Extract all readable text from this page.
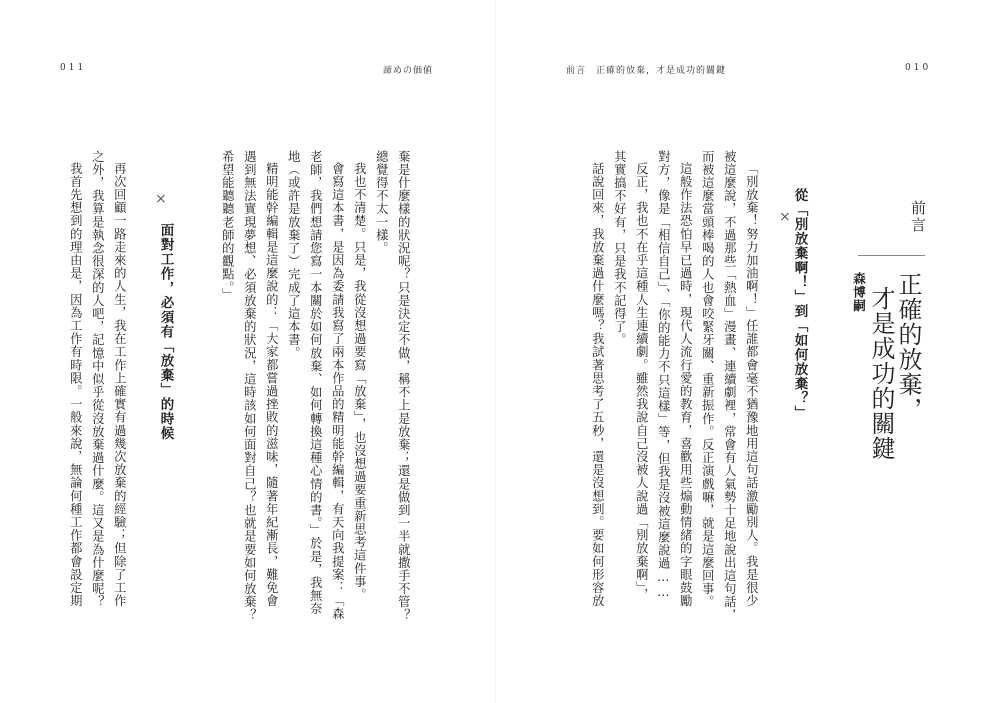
011	諦めの価値
棄是什麼樣的狀況呢？只是決定不做，稱不上是放棄；還是做到一半就撒手不管？
總覺得不太一樣。
我也不清楚。只是，我從沒想過要寫「放棄」，也沒想過要重新思考這件事。
會寫這本書，是因為委請我寫了兩本作品的精明能幹編輯，有天向我提案：「森
老師，我們想請您寫一本關於如何放棄、如何轉換這種心情的書。」於是，我無奈
地（或許是放棄了）完成了這本書。
精明能幹編輯是這麼說的：「大家都嘗過挫敗的滋味，隨著年紀漸長，難免會
遇到無法實現夢想、必須放棄的狀況，這時該如何面對自己？也就是要如何放棄？
希望能聽聽老師的觀點。」
×
面對工作，必須有「放棄」的時候
再次回顧一路走來的人生，我在工作上確實有過幾次放棄的經驗；但除了工作
之外，我算是執念很深的人吧，記憶中似乎從沒放棄過什麼。這又是為什麼呢？
我首先想到的理由是，因為工作有時限。一般來說，無論何種工作都會設定期
前言　正確的放棄，才是成功的關鍵	010
前言
正確的放棄，
才是成功的關鍵
森博嗣
從「別放棄啊！」到「如何放棄？」
×
「別放棄！努力加油啊！」任誰都會毫不猶豫地用這句話激勵別人。我是很少
被這麼說，不過那些「熱血」漫畫、連續劇裡，常會有人氣勢十足地說出這句話，
而被這麼當頭棒喝的人也會咬緊牙關、重新振作。反正演戲嘛，就是這麼回事。
這般作法恐怕早已過時，現代人流行愛的教育，喜歡用些煽動情緒的字眼鼓勵
對方，像是「相信自己」、「你的能力不只這樣」等，但我是沒被這麼說過……
反正，我也不在乎這種人生連續劇。雖然我說自己沒被人說過「別放棄啊」，
其實搞不好有，只是我不記得了。
話說回來，我放棄過什麼嗎？我試著思考了五秒，還是沒想到。要如何形容放
